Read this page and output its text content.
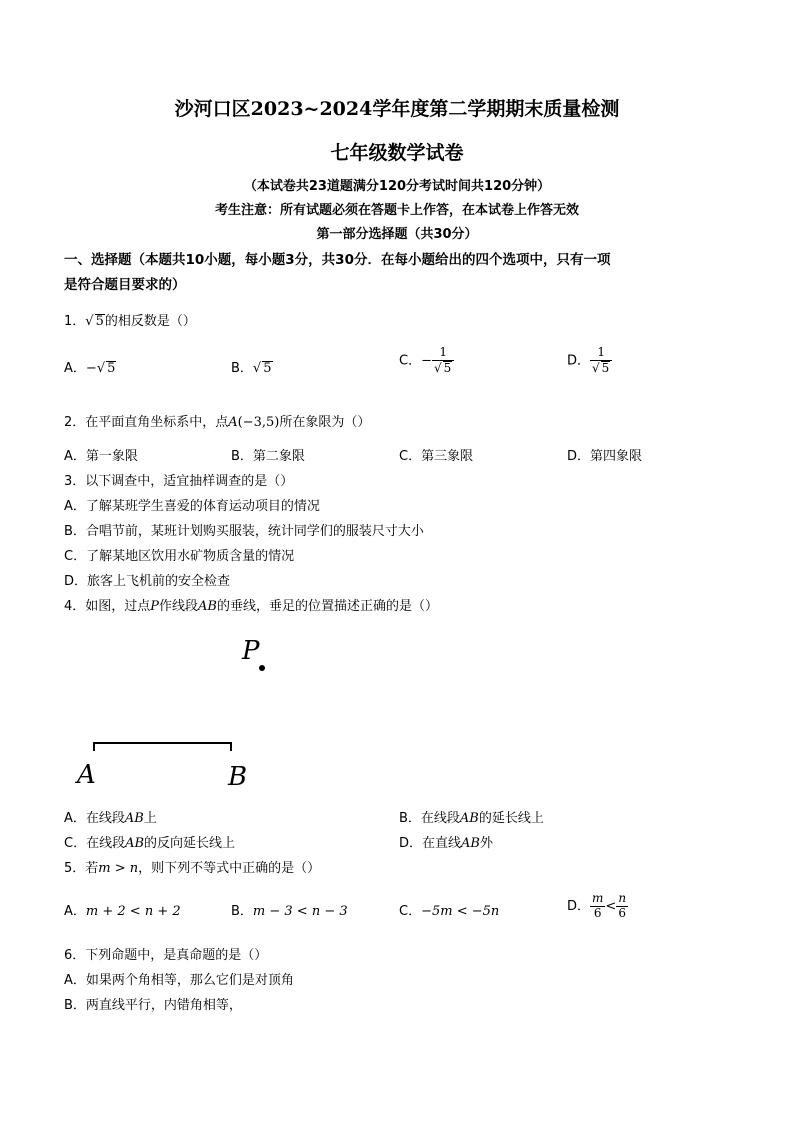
沙河口区2023~2024学年度第二学期期末质量检测
七年级数学试卷
（本试卷共23道题满分120分考试时间共120分钟）
考生注意：所有试题必须在答题卡上作答，在本试卷上作答无效
第一部分选择题（共30分）
一、选择题（本题共10小题，每小题3分，共30分．在每小题给出的四个选项中，只有一项
是符合题目要求的）
1．√ 5的相反数是（）
A．−√ 5	B．√ 5
C．− $\frac{1}{√ 5}$	D． $\frac{1}{√ 5}$
2．在平面直角坐标系中，点A(−3,5)所在象限为（）
A．第一象限	B．第二象限	C．第三象限	D．第四象限
3．以下调查中，适宜抽样调查的是（）
A．了解某班学生喜爱的体育运动项目的情况
B．合唱节前，某班计划购买服装，统计同学们的服装尺寸大小
C．了解某地区饮用水矿物质含量的情况
D．旅客上飞机前的安全检查
4．如图，过点P作线段AB的垂线，垂足的位置描述正确的是（）
P
A	B
A．在线段AB上	B．在线段AB的延长线上
C．在线段AB的反向延长线上	D．在直线AB外
5．若m > n，则下列不等式中正确的是（）
A．m + 2 < n + 2	B．m − 3 < n − 3	C．−5m < −5n	D． $\frac{m}{6} < \frac{n}{6}$
6．下列命题中，是真命题的是（）
A．如果两个角相等，那么它们是对顶角
B．两直线平行，内错角相等，
